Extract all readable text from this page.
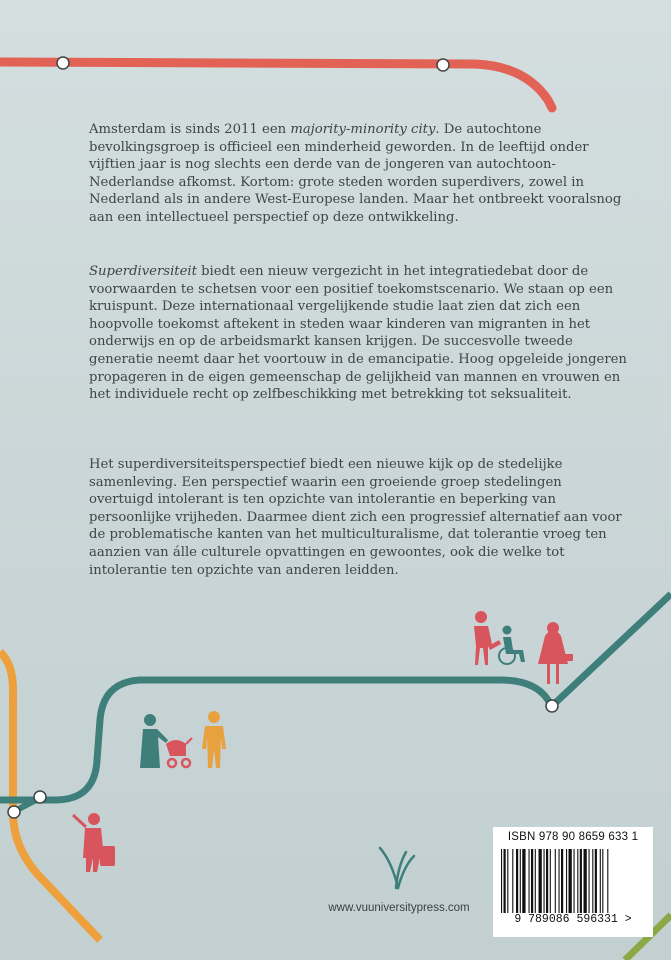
Amsterdam is sinds 2011 een majority-minority city. De autochtone bevolkingsgroep is officieel een minderheid geworden. In de leeftijd onder vijftien jaar is nog slechts een derde van de jongeren van autochtoon-Nederlandse afkomst. Kortom: grote steden worden superdivers, zowel in Nederland als in andere West-Europese landen. Maar het ontbreekt vooralsnog aan een intellectueel perspectief op deze ontwikkeling.

Superdiversiteit biedt een nieuw vergezicht in het integratiedebat door de voorwaarden te schetsen voor een positief toekomstscenario. We staan op een kruispunt. Deze internationaal vergelijkende studie laat zien dat zich een hoopvolle toekomst aftekent in steden waar kinderen van migranten in het onderwijs en op de arbeidsmarkt kansen krijgen. De succesvolle tweede generatie neemt daar het voortouw in de emancipatie. Hoog opgeleide jongeren propageren in de eigen gemeenschap de gelijkheid van mannen en vrouwen en het individuele recht op zelfbeschikking met betrekking tot seksualiteit.

Het superdiversiteitsperspectief biedt een nieuwe kijk op de stedelijke samenleving. Een perspectief waarin een groeiende groep stedelingen overtuigd intolerant is ten opzichte van intolerantie en beperking van persoonlijke vrijheden. Daarmee dient zich een progressief alternatief aan voor de problematische kanten van het multiculturalisme, dat tolerantie vroeg ten aanzien van álle culturele opvattingen en gewoontes, ook die welke tot intolerantie ten opzichte van anderen leidden.

ISBN 978 90 8659 633 1
9 789086 596331 >
www.vuuniversitypress.com
